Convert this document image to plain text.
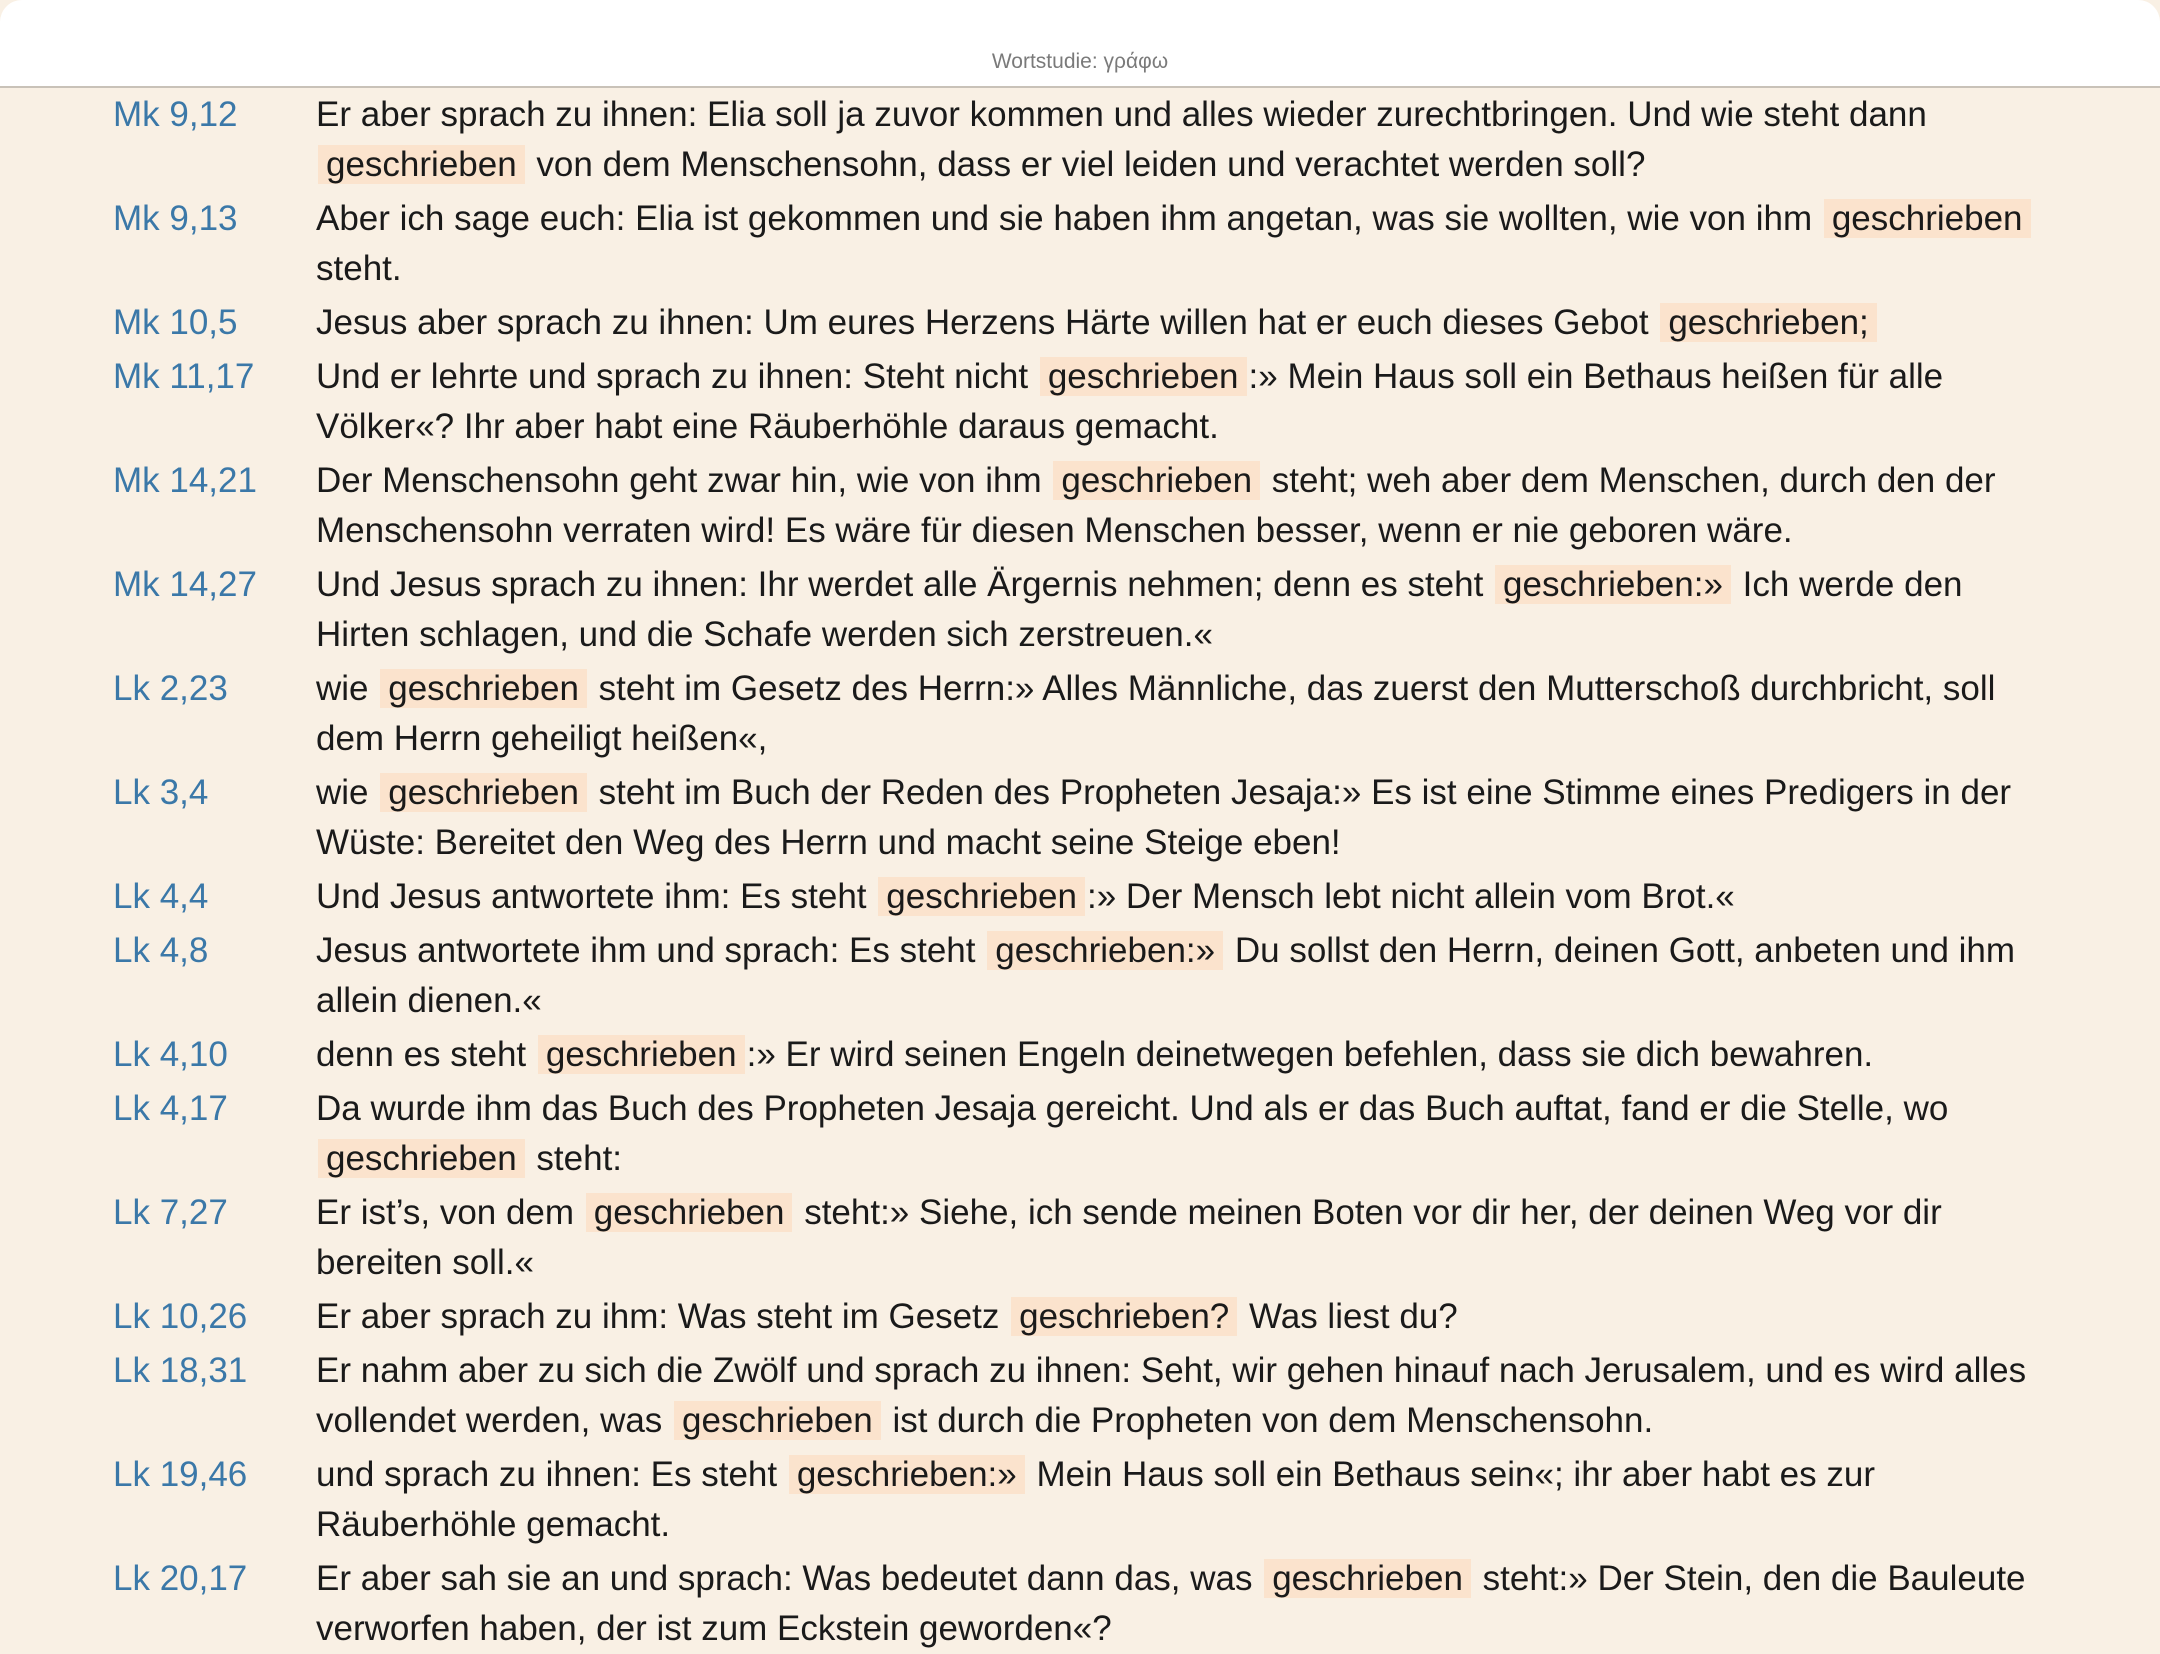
Wortstudie: γράφω
Mk 9,12	Er aber sprach zu ihnen: Elia soll ja zuvor kommen und alles wieder zurechtbringen. Und wie steht dann geschrieben von dem Menschensohn, dass er viel leiden und verachtet werden soll?
Mk 9,13	Aber ich sage euch: Elia ist gekommen und sie haben ihm angetan, was sie wollten, wie von ihm geschrieben steht.
Mk 10,5	Jesus aber sprach zu ihnen: Um eures Herzens Härte willen hat er euch dieses Gebot geschrieben;
Mk 11,17	Und er lehrte und sprach zu ihnen: Steht nicht geschrieben :» Mein Haus soll ein Bethaus heißen für alle Völker«? Ihr aber habt eine Räuberhöhle daraus gemacht.
Mk 14,21	Der Menschensohn geht zwar hin, wie von ihm geschrieben steht; weh aber dem Menschen, durch den der Menschensohn verraten wird! Es wäre für diesen Menschen besser, wenn er nie geboren wäre.
Mk 14,27	Und Jesus sprach zu ihnen: Ihr werdet alle Ärgernis nehmen; denn es steht geschrieben:» Ich werde den Hirten schlagen, und die Schafe werden sich zerstreuen.«
Lk 2,23	wie geschrieben steht im Gesetz des Herrn:» Alles Männliche, das zuerst den Mutterschoß durchbricht, soll dem Herrn geheiligt heißen«,
Lk 3,4	wie geschrieben steht im Buch der Reden des Propheten Jesaja:» Es ist eine Stimme eines Predigers in der Wüste: Bereitet den Weg des Herrn und macht seine Steige eben!
Lk 4,4	Und Jesus antwortete ihm: Es steht geschrieben :» Der Mensch lebt nicht allein vom Brot.«
Lk 4,8	Jesus antwortete ihm und sprach: Es steht geschrieben:» Du sollst den Herrn, deinen Gott, anbeten und ihm allein dienen.«
Lk 4,10	denn es steht geschrieben :» Er wird seinen Engeln deinetwegen befehlen, dass sie dich bewahren.
Lk 4,17	Da wurde ihm das Buch des Propheten Jesaja gereicht. Und als er das Buch auftat, fand er die Stelle, wo geschrieben steht:
Lk 7,27	Er ist’s, von dem geschrieben steht:» Siehe, ich sende meinen Boten vor dir her, der deinen Weg vor dir bereiten soll.«
Lk 10,26	Er aber sprach zu ihm: Was steht im Gesetz geschrieben? Was liest du?
Lk 18,31	Er nahm aber zu sich die Zwölf und sprach zu ihnen: Seht, wir gehen hinauf nach Jerusalem, und es wird alles vollendet werden, was geschrieben ist durch die Propheten von dem Menschensohn.
Lk 19,46	und sprach zu ihnen: Es steht geschrieben:» Mein Haus soll ein Bethaus sein«; ihr aber habt es zur Räuberhöhle gemacht.
Lk 20,17	Er aber sah sie an und sprach: Was bedeutet dann das, was geschrieben steht:» Der Stein, den die Bauleute verworfen haben, der ist zum Eckstein geworden«?
